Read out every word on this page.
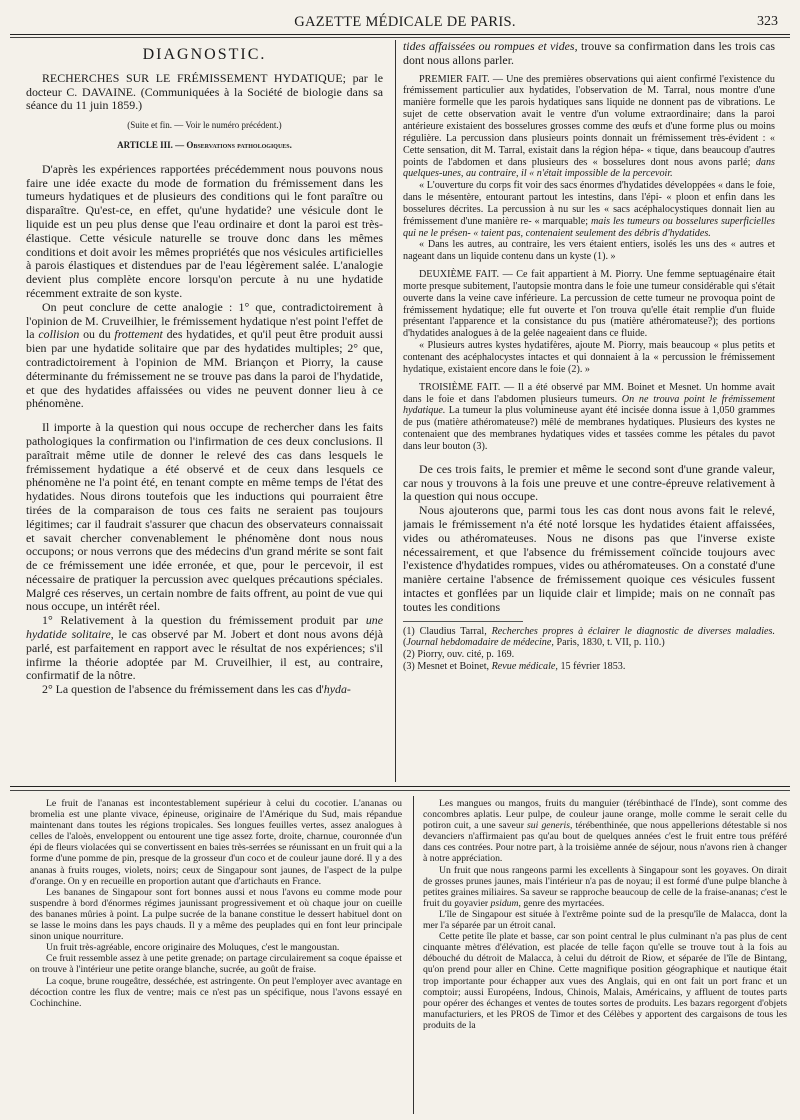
GAZETTE MÉDICALE DE PARIS.	323
DIAGNOSTIC.

RECHERCHES SUR LE FRÉMISSEMENT HYDATIQUE; par le docteur C. DAVAINE. (Communiquées à la Société de biologie dans sa séance du 11 juin 1859.)

(Suite et fin. — Voir le numéro précédent.)

ARTICLE III. — Observations pathologiques.

D'après les expériences rapportées précédemment nous pouvons nous faire une idée exacte du mode de formation du frémissement dans les tumeurs hydatiques et de plusieurs des conditions qui le font paraître ou disparaître. Qu'est-ce, en effet, qu'une hydatide? une vésicule dont le liquide est un peu plus dense que l'eau ordinaire et dont la paroi est très-élastique. Cette vésicule naturelle se trouve donc dans les mêmes conditions et doit avoir les mêmes propriétés que nos vésicules artificielles à parois élastiques et distendues par de l'eau légèrement salée. L'analogie devient plus complète encore lorsqu'on percute à nu une hydatide récemment extraite de son kyste.

On peut conclure de cette analogie : 1° que, contradictoirement à l'opinion de M. Cruveilhier, le frémissement hydatique n'est point l'effet de la collision ou du frottement des hydatides, et qu'il peut être produit aussi bien par une hydatide solitaire que par des hydatides multiples; 2° que, contradictoirement à l'opinion de MM. Briançon et Piorry, la cause déterminante du frémissement ne se trouve pas dans la paroi de l'hydatide, et que des hydatides affaissées ou vides ne peuvent donner lieu à ce phénomène.

Il importe à la question qui nous occupe de rechercher dans les faits pathologiques la confirmation ou l'infirmation de ces deux conclusions. Il paraîtrait même utile de donner le relevé des cas dans lesquels le frémissement hydatique a été observé et de ceux dans lesquels ce phénomène ne l'a point été, en tenant compte en même temps de l'état des hydatides. Nous dirons toutefois que les inductions qui pourraient être tirées de la comparaison de tous ces faits ne seraient pas toujours légitimes; car il faudrait s'assurer que chacun des observateurs connaissait et savait chercher convenablement le phénomène dont nous nous occupons; or nous verrons que des médecins d'un grand mérite se sont fait de ce frémissement une idée erronée, et que, pour le percevoir, il est nécessaire de pratiquer la percussion avec quelques précautions spéciales. Malgré ces réserves, un certain nombre de faits offrent, au point de vue qui nous occupe, un intérêt réel.

1° Relativement à la question du frémissement produit par une hydatide solitaire, le cas observé par M. Jobert et dont nous avons déjà parlé, est parfaitement en rapport avec le résultat de nos expériences; s'il infirme la théorie adoptée par M. Cruveilhier, il est, au contraire, confirmatif de la nôtre.

2° La question de l'absence du frémissement dans les cas d'hyda-

tides affaissées ou rompues et vides, trouve sa confirmation dans les trois cas dont nous allons parler.

PREMIER FAIT. — Une des premières observations qui aient confirmé l'existence du frémissement particulier aux hydatides, l'observation de M. Tarral, nous montre d'une manière formelle que les parois hydatiques sans liquide ne donnent pas de vibrations. Le sujet de cette observation avait le ventre d'un volume extraordinaire; dans la paroi antérieure existaient des bosselures grosses comme des œufs et d'une forme plus ou moins régulière. La percussion dans plusieurs points donnait un frémissement très-évident : « Cette sensation, dit M. Tarral, existait dans la région hépa- « tique, dans beaucoup d'autres points de l'abdomen et dans plusieurs des « bosselures dont nous avons parlé; dans quelques-unes, au contraire, il « n'était impossible de la percevoir.

« L'ouverture du corps fit voir des sacs énormes d'hydatides développées « dans le foie, dans le mésentère, entourant partout les intestins, dans l'épi- « ploon et enfin dans les bosselures décrites. La percussion à nu sur les « sacs acéphalocystiques donnait lien au frémissement d'une manière re- « marquable; mais les tumeurs ou bosselures superficielles qui ne le présen- « taient pas, contenaient seulement des débris d'hydatides.

« Dans les autres, au contraire, les vers étaient entiers, isolés les uns des « autres et nageant dans un liquide contenu dans un kyste (1). »

DEUXIÈME FAIT. — Ce fait appartient à M. Piorry. Une femme septuagénaire était morte presque subitement, l'autopsie montra dans le foie une tumeur considérable qui s'était ouverte dans la veine cave inférieure. La percussion de cette tumeur ne provoqua point de frémissement hydatique; elle fut ouverte et l'on trouva qu'elle était remplie d'un fluide présentant l'apparence et la consistance du pus (matière athéromateuse?); des portions d'hydatides analogues à de la gelée nageaient dans ce fluide.

« Plusieurs autres kystes hydatifères, ajoute M. Piorry, mais beaucoup « plus petits et contenant des acéphalocystes intactes et qui donnaient à la « percussion le frémissement hydatique, existaient encore dans le foie (2). »

TROISIÈME FAIT. — Il a été observé par MM. Boinet et Mesnet. Un homme avait dans le foie et dans l'abdomen plusieurs tumeurs. On ne trouva point le frémissement hydatique. La tumeur la plus volumineuse ayant été incisée donna issue à 1,050 grammes de pus (matière athéromateuse?) mêlé de membranes hydatiques. Plusieurs des kystes ne contenaient que des membranes hydatiques vides et tassées comme les pétales du pavot dans leur bouton (3).

De ces trois faits, le premier et même le second sont d'une grande valeur, car nous y trouvons à la fois une preuve et une contre-épreuve relativement à la question qui nous occupe.

Nous ajouterons que, parmi tous les cas dont nous avons fait le relevé, jamais le frémissement n'a été noté lorsque les hydatides étaient affaissées, vides ou athéromateuses. Nous ne disons pas que l'inverse existe nécessairement, et que l'absence du frémissement coïncide toujours avec l'existence d'hydatides rompues, vides ou athéromateuses. On a constaté d'une manière certaine l'absence de frémissement quoique ces vésicules fussent intactes et gonflées par un liquide clair et limpide; mais on ne connaît pas toutes les conditions

(1) Claudius Tarral, Recherches propres à éclairer le diagnostic de diverses maladies. (Journal hebdomadaire de médecine, Paris, 1830, t. VII, p. 110.)

(2) Piorry, ouv. cité, p. 169.

(3) Mesnet et Boinet, Revue médicale, 15 février 1853.

Le fruit de l'ananas est incontestablement supérieur à celui du cocotier. L'ananas ou bromelia est une plante vivace, épineuse, originaire de l'Amérique du Sud, mais répandue maintenant dans toutes les régions tropicales. Ses longues feuilles vertes, assez analogues à celles de l'aloès, enveloppent ou entourent une tige assez forte, droite, charnue, couronnée d'un épi de fleurs violacées qui se convertissent en baies très-serrées se réunissant en un fruit qui a la forme d'une pomme de pin, presque de la grosseur d'un coco et de couleur jaune doré. Il y a des ananas à fruits rouges, violets, noirs; ceux de Singapour sont jaunes, de l'aspect de la pulpe d'orange. On y en recueille en proportion autant que d'artichauts en France.

Les bananes de Singapour sont fort bonnes aussi et nous l'avons eu comme mode pour suspendre à bord d'énormes régimes jaunissant progressivement et où chaque jour on cueille des bananes mûries à point. La pulpe sucrée de la banane constitue le dessert habituel dont on se lasse le moins dans les pays chauds. Il y a même des peuplades qui en font leur principale sinon unique nourriture.

Un fruit très-agréable, encore originaire des Moluques, c'est le mangoustan.

Ce fruit ressemble assez à une petite grenade; on partage circulairement sa coque épaisse et on trouve à l'intérieur une petite orange blanche, sucrée, au goût de fraise.

La coque, brune rougeâtre, desséchée, est astringente. On peut l'employer avec avantage en décoction contre les flux de ventre; mais ce n'est pas un spécifique, nous l'avons essayé en Cochinchine.

Les mangues ou mangos, fruits du manguier (térébinthacé de l'Inde), sont comme des concombres aplatis. Leur pulpe, de couleur jaune orange, molle comme le serait celle du potiron cuit, a une saveur sui generis, térébenthinée, que nous appellerions détestable si nos devanciers n'affirmaient pas qu'au bout de quelques années c'est le fruit entre tous préféré dans ces contrées. Pour notre part, à la troisième année de séjour, nous n'avons rien à changer à notre appréciation.

Un fruit que nous rangeons parmi les excellents à Singapour sont les goyaves. On dirait de grosses prunes jaunes, mais l'intérieur n'a pas de noyau; il est formé d'une pulpe blanche à petites graines miliaires. Sa saveur se rapproche beaucoup de celle de la fraise-ananas; c'est le fruit du goyavier psidum, genre des myrtacées.

L'île de Singapour est située à l'extrême pointe sud de la presqu'île de Malacca, dont la mer l'a séparée par un étroit canal.

Cette petite île plate et basse, car son point central le plus culminant n'a pas plus de cent cinquante mètres d'élévation, est placée de telle façon qu'elle se trouve tout à la fois au débouché du détroit de Malacca, à celui du détroit de Riow, et séparée de l'île de Bintang, qu'on prend pour aller en Chine. Cette magnifique position géographique et nautique était trop importante pour échapper aux vues des Anglais, qui en ont fait un port franc et un comptoir; aussi Européens, Indous, Chinois, Malais, Américains, y affluent de toutes parts pour opérer des échanges et ventes de toutes sortes de produits. Les bazars regorgent d'objets manufacturiers, et les PROS de Timor et des Célèbes y apportent des cargaisons de tous les produits de la
